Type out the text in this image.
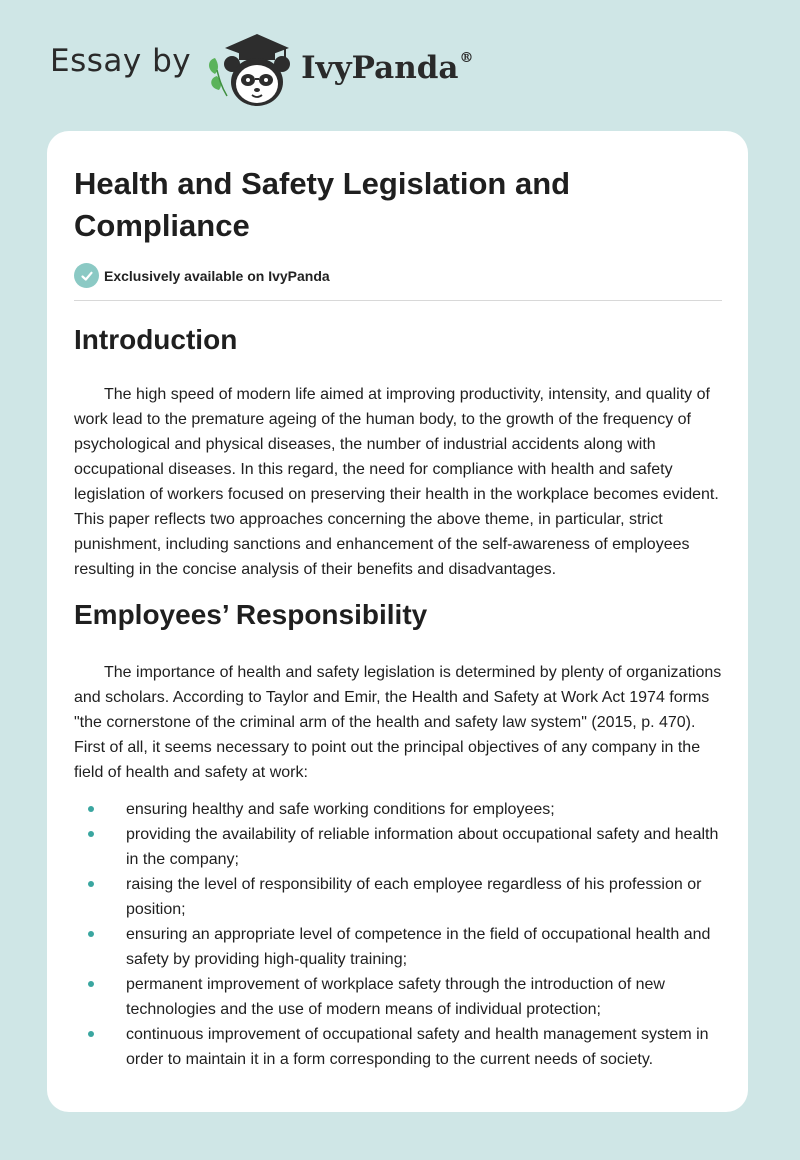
Essay by	IvyPanda®
Health and Safety Legislation and Compliance
Exclusively available on IvyPanda
Introduction

The high speed of modern life aimed at improving productivity, intensity, and quality of work lead to the premature ageing of the human body, to the growth of the frequency of psychological and physical diseases, the number of industrial accidents along with occupational diseases. In this regard, the need for compliance with health and safety legislation of workers focused on preserving their health in the workplace becomes evident. This paper reflects two approaches concerning the above theme, in particular, strict punishment, including sanctions and enhancement of the self-awareness of employees resulting in the concise analysis of their benefits and disadvantages.

Employees’ Responsibility

The importance of health and safety legislation is determined by plenty of organizations and scholars. According to Taylor and Emir, the Health and Safety at Work Act 1974 forms "the cornerstone of the criminal arm of the health and safety law system" (2015, p. 470). First of all, it seems necessary to point out the principal objectives of any company in the field of health and safety at work:

ensuring healthy and safe working conditions for employees;
providing the availability of reliable information about occupational safety and health in the company;
raising the level of responsibility of each employee regardless of his profession or position;
ensuring an appropriate level of competence in the field of occupational health and safety by providing high-quality training;
permanent improvement of workplace safety through the introduction of new technologies and the use of modern means of individual protection;
continuous improvement of occupational safety and health management system in order to maintain it in a form corresponding to the current needs of society.
